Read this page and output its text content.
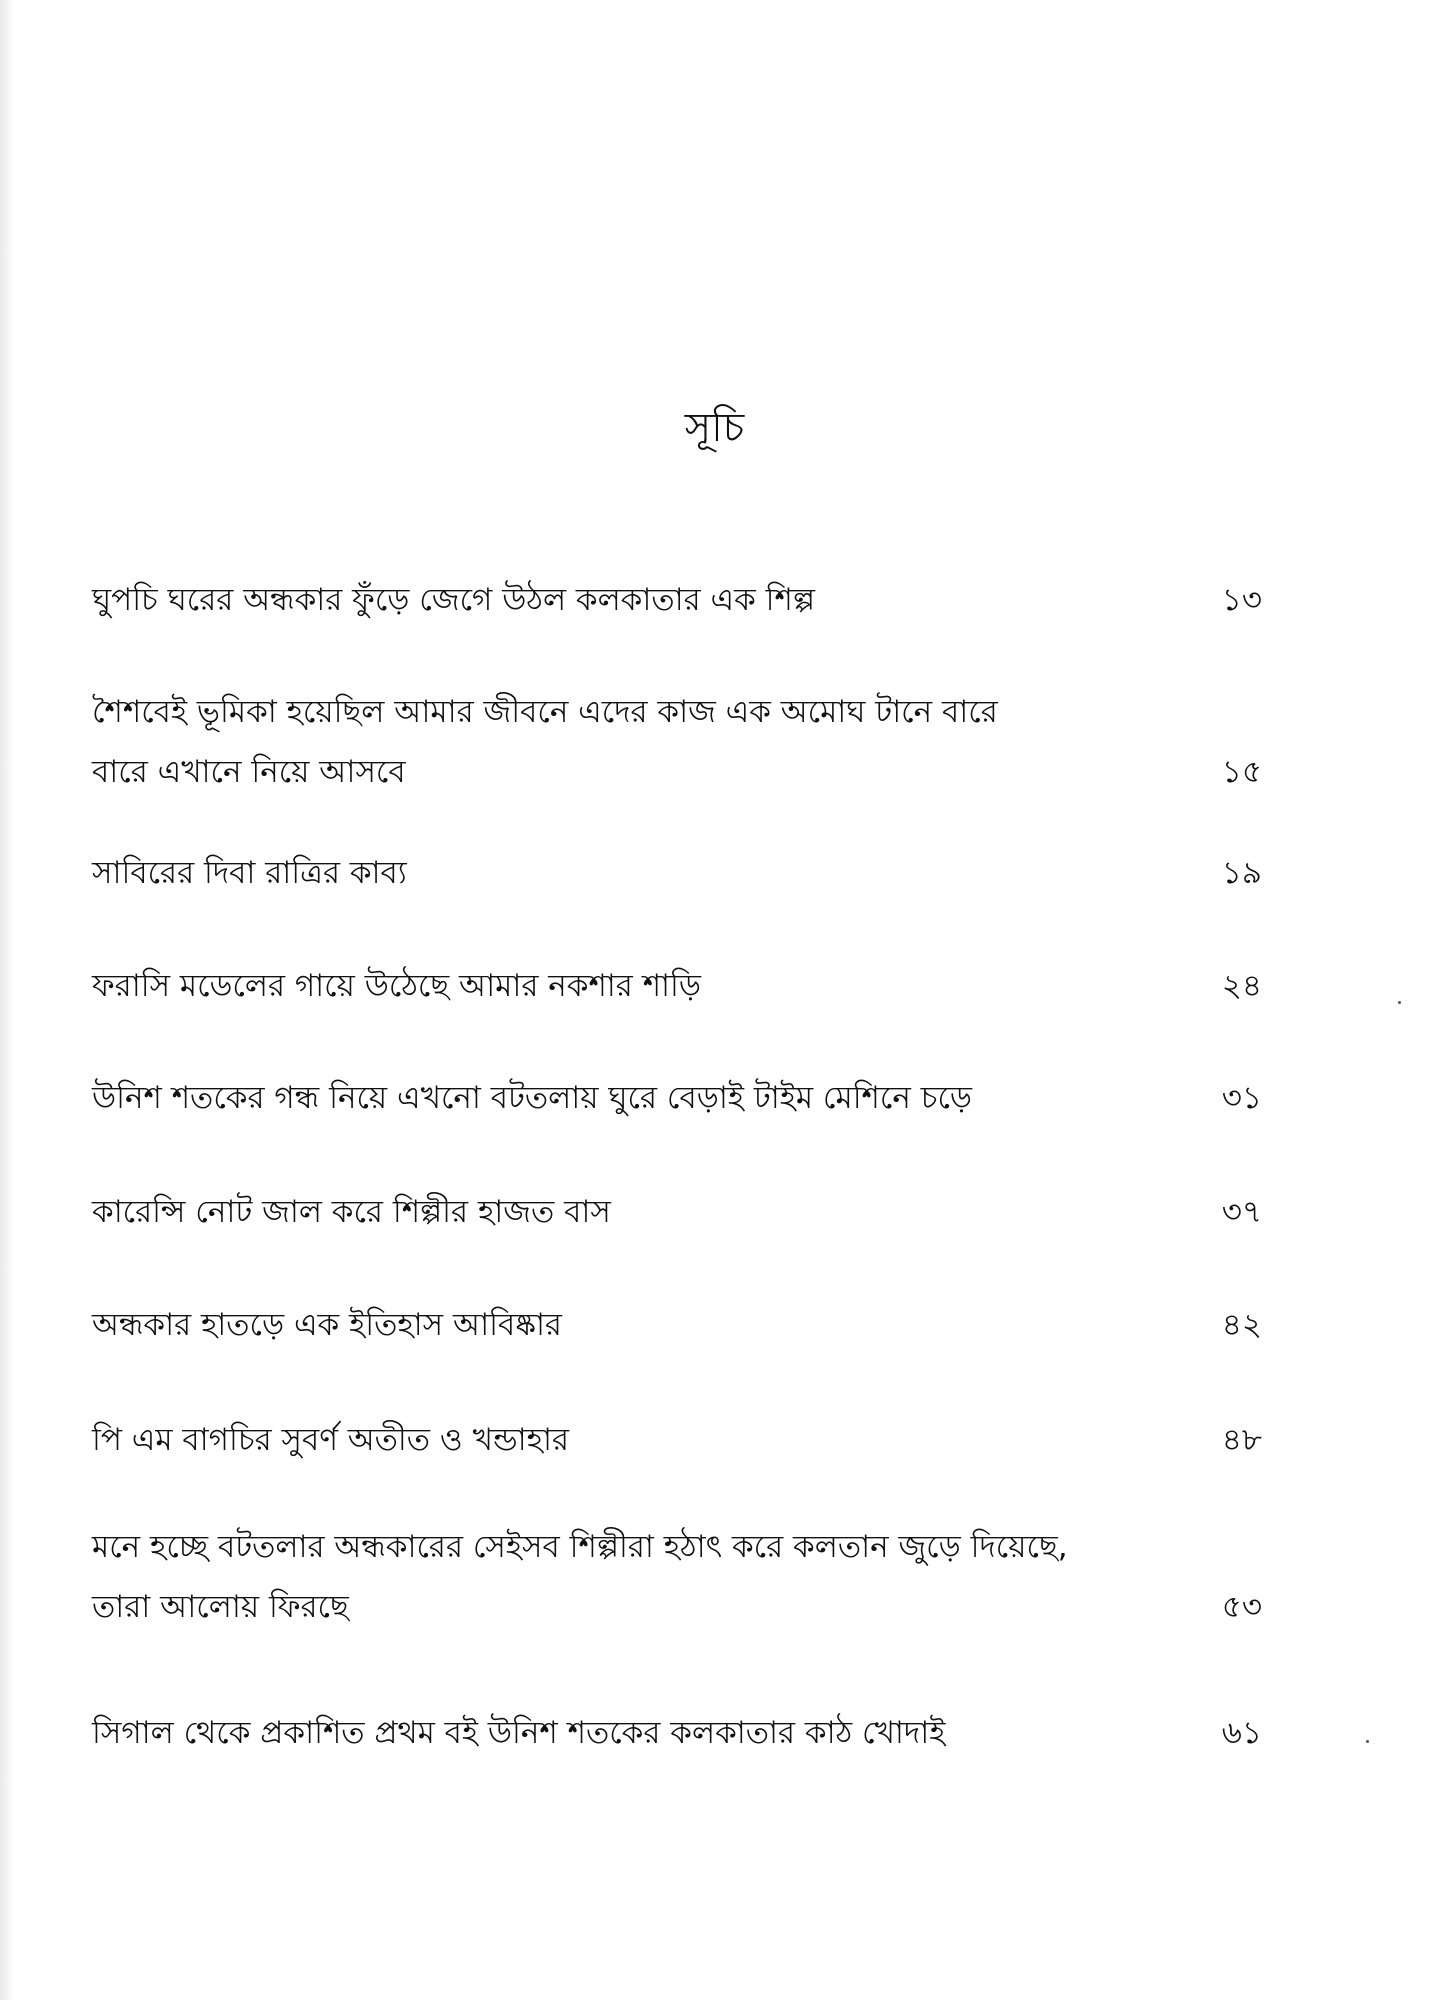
সূচি
ঘুপচি ঘরের অন্ধকার ফুঁড়ে জেগে উঠল কলকাতার এক শিল্প	১৩
শৈশবেই ভূমিকা হয়েছিল আমার জীবনে এদের কাজ এক অমোঘ টানে বারে
বারে এখানে নিয়ে আসবে	১৫
সাবিরের দিবা রাত্রির কাব্য	১৯
ফরাসি মডেলের গায়ে উঠেছে আমার নকশার শাড়ি	২৪
উনিশ শতকের গন্ধ নিয়ে এখনো বটতলায় ঘুরে বেড়াই টাইম মেশিনে চড়ে	৩১
কারেন্সি নোট জাল করে শিল্পীর হাজত বাস	৩৭
অন্ধকার হাতড়ে এক ইতিহাস আবিষ্কার	৪২
পি এম বাগচির সুবর্ণ অতীত ও খন্ডাহার	৪৮
মনে হচ্ছে বটতলার অন্ধকারের সেইসব শিল্পীরা হঠাৎ করে কলতান জুড়ে দিয়েছে,
তারা আলোয় ফিরছে	৫৩
সিগাল থেকে প্রকাশিত প্রথম বই উনিশ শতকের কলকাতার কাঠ খোদাই	৬১
